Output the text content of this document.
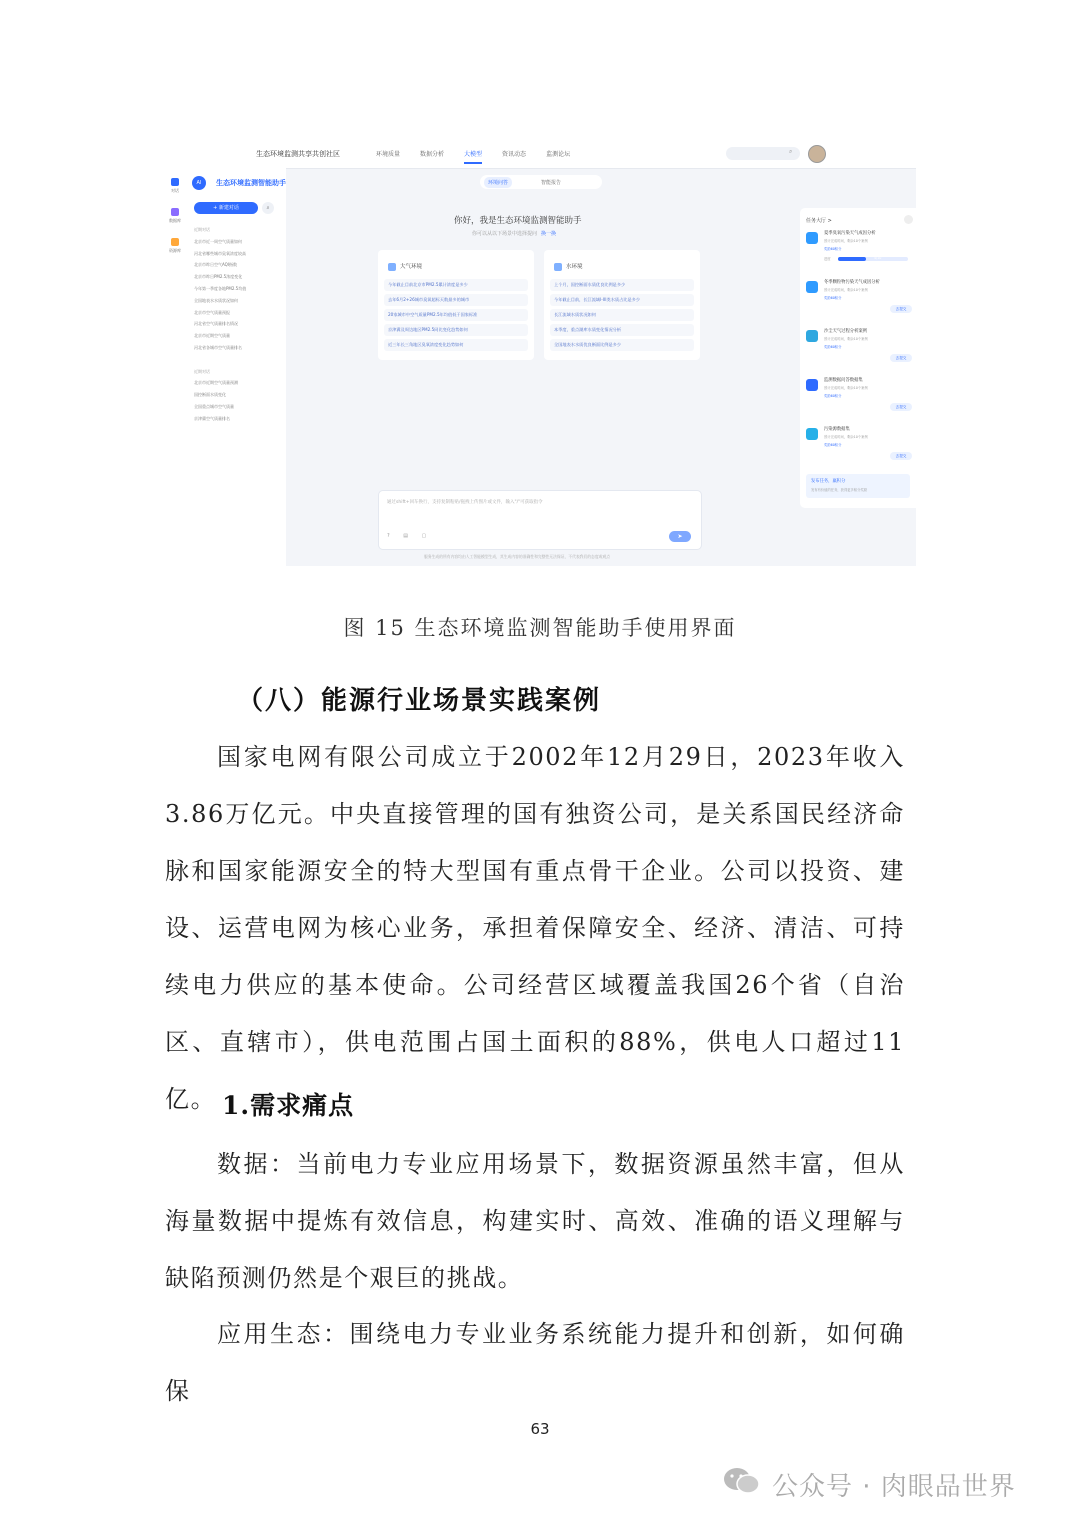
生态环境监测共享共创社区	环境质量	数据分析	大模型	资讯动态	监测论坛	⌕
对话
数据库
资源库
AI	生态环境监测智能助手
+ 新建对话	⌕
近期对话
北京市近一周空气质量如何
河北省哪些城市臭氧浓度较高
北京市昨日空气AQI指数
北京市昨日PM2.5浓度变化
今年第一季度各地PM2.5均值
全国地表水水质状况如何
北京市空气质量预报
河北省空气质量排名情况
北京市近期空气质量
河北省各城市空气质量排名

近期对话
北京市近期空气质量预测
国控断面水质变化
全国重点城市空气质量
京津冀空气质量排名
环境问答	智能报告
你好，我是生态环境监测智能助手
你可以从以下场景中选择提问 换一换
大气环境
今年截止目前北京市PM2.5累计浓度是多少
去年6月2+26城市臭氧超标天数最多的城市
20家城市中空气质量PM2.5年均值低于国家标准
京津冀及周边地区PM2.5同比变化趋势如何
近三年长三角地区臭氧浓度变化趋势如何
水环境
上个月，国控断面水质优良比例是多少
今年截止目前，长江流域I-III类水质占比是多少
长江流域水质状况如何
本季度，重点湖库水质变化情况分析
全国地表水水质优良断面比例是多少
通过shift+回车换行，支持复制粘贴/拖拽上传图片或文件，输入"/"可获取指令
? ▤ ▢	➤
服务生成的所有内容均由人工智能模型生成，其生成内容的准确性和完整性无法保证，不代表我们的态度或观点
任务大厅 >
夏季臭氧污染天气成因分析
预计完成时间，剩余10个案例
奖励60积分
进度	4/10
冬季颗粒物污染天气成因分析
预计完成时间，剩余10个案例
奖励60积分
去提交
沙尘天气过程分析案例
预计完成时间，剩余10个案例
奖励60积分
去提交
监测数据问答数据集
预计完成时间，剩余10个案例
奖励60积分
去提交
污染源数据集
预计完成时间，剩余10个案例
奖励60积分
去提交
发布任务，赢积分
发布有价值的任务，获得更多积分奖励
图 15 生态环境监测智能助手使用界面
（八）能源行业场景实践案例
国家电网有限公司成立于2002年12月29日，2023年收入3.86万亿元。中央直接管理的国有独资公司，是关系国民经济命脉和国家能源安全的特大型国有重点骨干企业。公司以投资、建设、运营电网为核心业务，承担着保障安全、经济、清洁、可持续电力供应的基本使命。公司经营区域覆盖我国26个省（自治区、直辖市），供电范围占国土面积的88%，供电人口超过11亿。 1.需求痛点
数据：当前电力专业应用场景下，数据资源虽然丰富，但从海量数据中提炼有效信息，构建实时、高效、准确的语义理解与缺陷预测仍然是个艰巨的挑战。
应用生态：围绕电力专业业务系统能力提升和创新，如何确保
63
公众号 · 肉眼品世界
